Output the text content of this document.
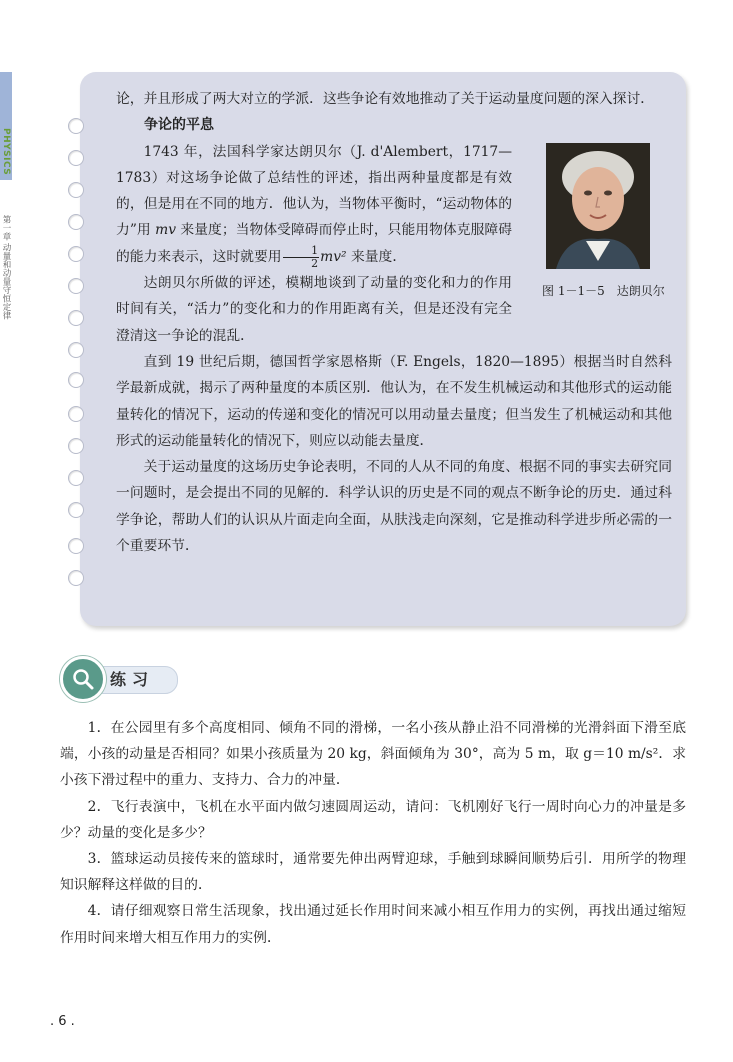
PHYSICS
第一章 动量和动量守恒定律

论，并且形成了两大对立的学派．这些争论有效地推动了关于运动量度问题的深入探讨．

争论的平息

图 1－1－5　达朗贝尔

1743 年，法国科学家达朗贝尔（J. d'Alembert，1717—1783）对这场争论做了总结性的评述，指出两种量度都是有效的，但是用在不同的地方．他认为，当物体平衡时，“运动物体的力”用 mv 来量度；当物体受障碍而停止时，只能用物体克服障碍的能力来表示，这时就要用 $\frac{1}{2} mv^2$ 来量度．

达朗贝尔所做的评述，模糊地谈到了动量的变化和力的作用时间有关，“活力”的变化和力的作用距离有关，但是还没有完全澄清这一争论的混乱．

直到 19 世纪后期，德国哲学家恩格斯（F. Engels，1820—1895）根据当时自然科学最新成就，揭示了两种量度的本质区别．他认为，在不发生机械运动和其他形式的运动能量转化的情况下，运动的传递和变化的情况可以用动量去量度；但当发生了机械运动和其他形式的运动能量转化的情况下，则应以动能去量度．

关于运动量度的这场历史争论表明，不同的人从不同的角度、根据不同的事实去研究同一问题时，是会提出不同的见解的．科学认识的历史是不同的观点不断争论的历史．通过科学争论，帮助人们的认识从片面走向全面，从肤浅走向深刻，它是推动科学进步所必需的一个重要环节．

练习

1．在公园里有多个高度相同、倾角不同的滑梯，一名小孩从静止沿不同滑梯的光滑斜面下滑至底端，小孩的动量是否相同？如果小孩质量为 20 kg，斜面倾角为 30°，高为 5 m，取 g＝10 m/s²．求小孩下滑过程中的重力、支持力、合力的冲量．

2．飞行表演中，飞机在水平面内做匀速圆周运动，请问：飞机刚好飞行一周时向心力的冲量是多少？动量的变化是多少？

3．篮球运动员接传来的篮球时，通常要先伸出两臂迎球，手触到球瞬间顺势后引．用所学的物理知识解释这样做的目的．

4．请仔细观察日常生活现象，找出通过延长作用时间来减小相互作用力的实例，再找出通过缩短作用时间来增大相互作用力的实例．

. 6 .
